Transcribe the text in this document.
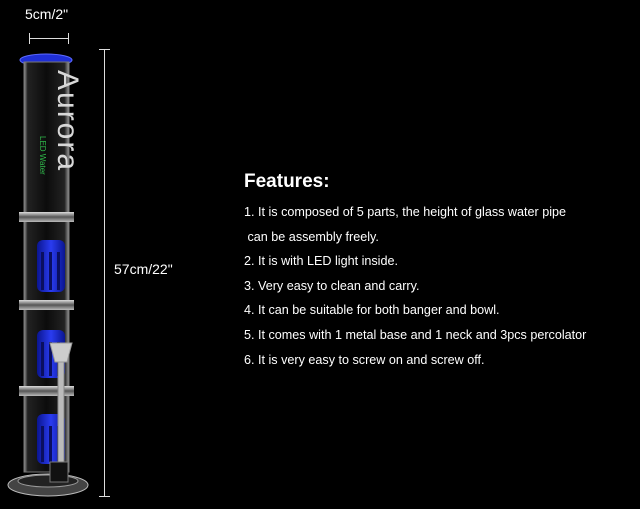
5cm/2"
57cm/22"
Aurora
LED Water
Features:
1. It is composed of 5 parts, the height of glass water pipe
can be assembly freely.
2. It is with LED light inside.
3. Very easy to clean and carry.
4. It can be suitable for both banger and bowl.
5. It comes with 1 metal base and 1 neck and 3pcs percolator
6. It is very easy to screw on and screw off.
